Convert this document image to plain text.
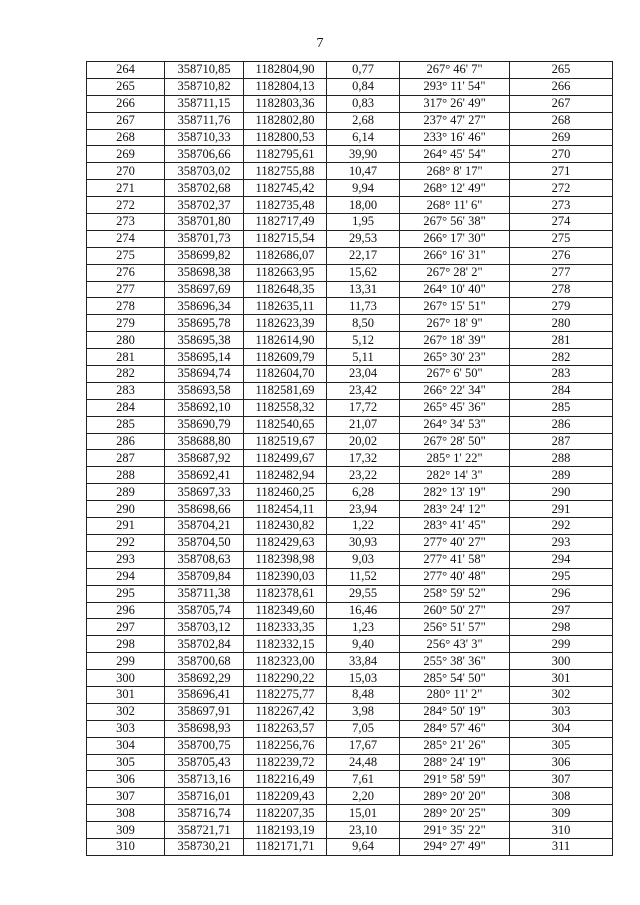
7
264	358710,85	1182804,90	0,77	267° 46' 7"	265
265	358710,82	1182804,13	0,84	293° 11' 54"	266
266	358711,15	1182803,36	0,83	317° 26' 49"	267
267	358711,76	1182802,80	2,68	237° 47' 27"	268
268	358710,33	1182800,53	6,14	233° 16' 46"	269
269	358706,66	1182795,61	39,90	264° 45' 54"	270
270	358703,02	1182755,88	10,47	268° 8' 17"	271
271	358702,68	1182745,42	9,94	268° 12' 49"	272
272	358702,37	1182735,48	18,00	268° 11' 6"	273
273	358701,80	1182717,49	1,95	267° 56' 38"	274
274	358701,73	1182715,54	29,53	266° 17' 30"	275
275	358699,82	1182686,07	22,17	266° 16' 31"	276
276	358698,38	1182663,95	15,62	267° 28' 2"	277
277	358697,69	1182648,35	13,31	264° 10' 40"	278
278	358696,34	1182635,11	11,73	267° 15' 51"	279
279	358695,78	1182623,39	8,50	267° 18' 9"	280
280	358695,38	1182614,90	5,12	267° 18' 39"	281
281	358695,14	1182609,79	5,11	265° 30' 23"	282
282	358694,74	1182604,70	23,04	267° 6' 50"	283
283	358693,58	1182581,69	23,42	266° 22' 34"	284
284	358692,10	1182558,32	17,72	265° 45' 36"	285
285	358690,79	1182540,65	21,07	264° 34' 53"	286
286	358688,80	1182519,67	20,02	267° 28' 50"	287
287	358687,92	1182499,67	17,32	285° 1' 22"	288
288	358692,41	1182482,94	23,22	282° 14' 3"	289
289	358697,33	1182460,25	6,28	282° 13' 19"	290
290	358698,66	1182454,11	23,94	283° 24' 12"	291
291	358704,21	1182430,82	1,22	283° 41' 45"	292
292	358704,50	1182429,63	30,93	277° 40' 27"	293
293	358708,63	1182398,98	9,03	277° 41' 58"	294
294	358709,84	1182390,03	11,52	277° 40' 48"	295
295	358711,38	1182378,61	29,55	258° 59' 52"	296
296	358705,74	1182349,60	16,46	260° 50' 27"	297
297	358703,12	1182333,35	1,23	256° 51' 57"	298
298	358702,84	1182332,15	9,40	256° 43' 3"	299
299	358700,68	1182323,00	33,84	255° 38' 36"	300
300	358692,29	1182290,22	15,03	285° 54' 50"	301
301	358696,41	1182275,77	8,48	280° 11' 2"	302
302	358697,91	1182267,42	3,98	284° 50' 19"	303
303	358698,93	1182263,57	7,05	284° 57' 46"	304
304	358700,75	1182256,76	17,67	285° 21' 26"	305
305	358705,43	1182239,72	24,48	288° 24' 19"	306
306	358713,16	1182216,49	7,61	291° 58' 59"	307
307	358716,01	1182209,43	2,20	289° 20' 20"	308
308	358716,74	1182207,35	15,01	289° 20' 25"	309
309	358721,71	1182193,19	23,10	291° 35' 22"	310
310	358730,21	1182171,71	9,64	294° 27' 49"	311
